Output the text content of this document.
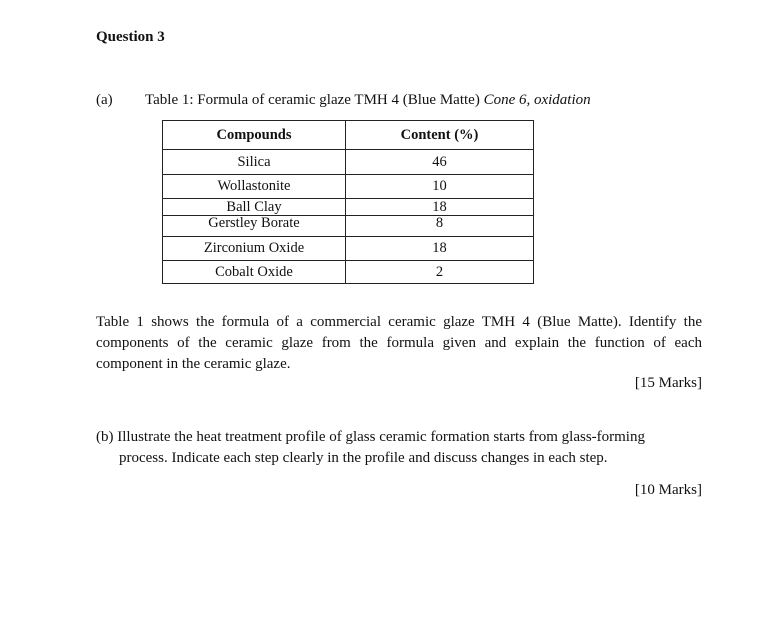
Question 3
(a) Table 1: Formula of ceramic glaze TMH 4 (Blue Matte) Cone 6, oxidation
Compounds	Content (%)
Silica	46
Wollastonite	10
Ball Clay	18
Gerstley Borate	8
Zirconium Oxide	18
Cobalt Oxide	2

Table 1 shows the formula of a commercial ceramic glaze TMH 4 (Blue Matte). Identify the components of the ceramic glaze from the formula given and explain the function of each component in the ceramic glaze.

[15 Marks]

(b) Illustrate the heat treatment profile of glass ceramic formation starts from glass-forming
process. Indicate each step clearly in the profile and discuss changes in each step.

[10 Marks]
